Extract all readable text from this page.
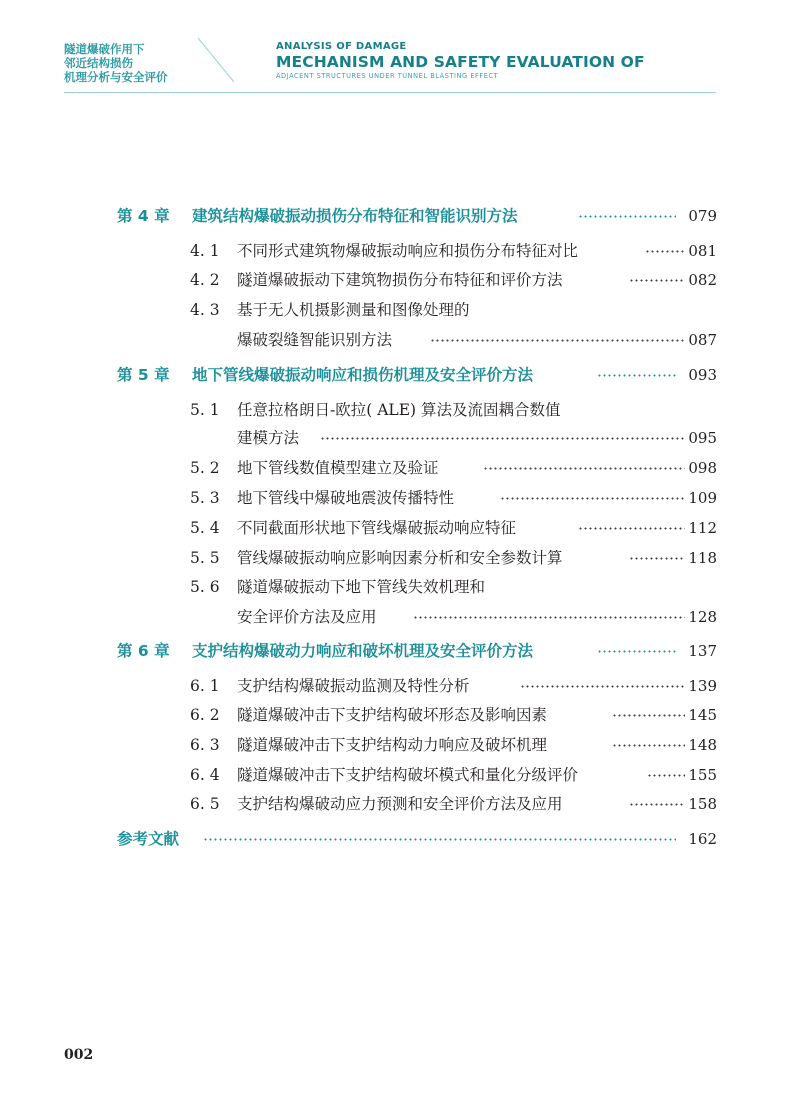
隧道爆破作用下
邻近结构损伤
机理分析与安全评价
ANALYSIS OF DAMAGE
MECHANISM AND SAFETY EVALUATION OF
ADJACENT STRUCTURES UNDER TUNNEL BLASTING EFFECT
第 4 章 建筑结构爆破振动损伤分布特征和智能识别方法	079
4. 1 不同形式建筑物爆破振动响应和损伤分布特征对比	081
4. 2 隧道爆破振动下建筑物损伤分布特征和评价方法	082
4. 3 基于无人机摄影测量和图像处理的
爆破裂缝智能识别方法	087
第 5 章 地下管线爆破振动响应和损伤机理及安全评价方法	093
5. 1 任意拉格朗日-欧拉( ALE) 算法及流固耦合数值
建模方法	095
5. 2 地下管线数值模型建立及验证	098
5. 3 地下管线中爆破地震波传播特性	109
5. 4 不同截面形状地下管线爆破振动响应特征	112
5. 5 管线爆破振动响应影响因素分析和安全参数计算	118
5. 6 隧道爆破振动下地下管线失效机理和
安全评价方法及应用	128
第 6 章 支护结构爆破动力响应和破坏机理及安全评价方法	137
6. 1 支护结构爆破振动监测及特性分析	139
6. 2 隧道爆破冲击下支护结构破坏形态及影响因素	145
6. 3 隧道爆破冲击下支护结构动力响应及破坏机理	148
6. 4 隧道爆破冲击下支护结构破坏模式和量化分级评价	155
6. 5 支护结构爆破动应力预测和安全评价方法及应用	158
参考文献	162
002
